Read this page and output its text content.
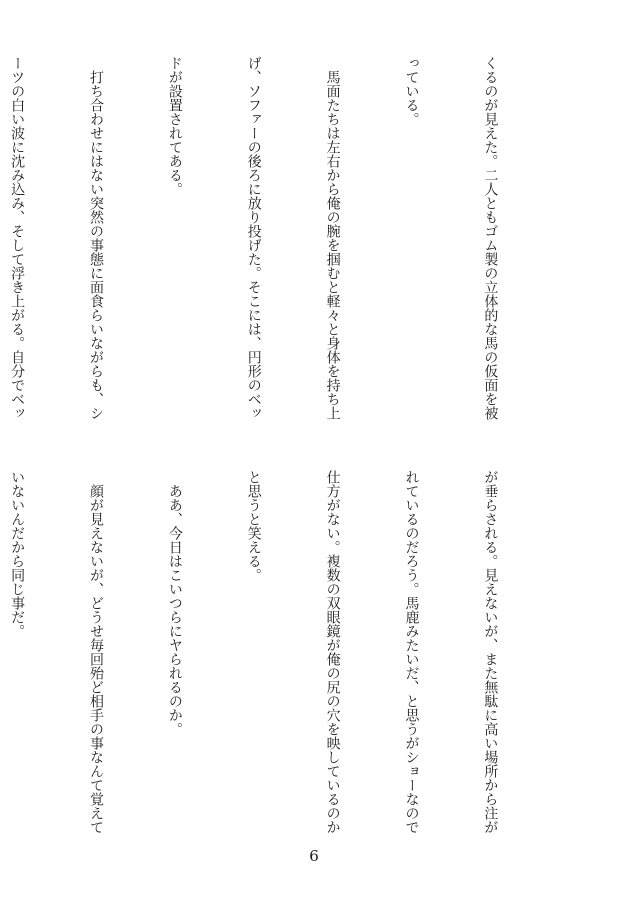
くるのが見えた。二人ともゴム製の立体的な馬の仮面を被

っている。

　馬面たちは左右から俺の腕を掴むと軽々と身体を持ち上

げ、ソファーの後ろに放り投げた。そこには、円形のベッ

ドが設置されてある。

　打ち合わせにはない突然の事態に面食らいながらも、シ

ーツの白い波に沈み込み、そして浮き上がる。自分でベッ

が垂らされる。見えないが、また無駄に高い場所から注が

れているのだろう。馬鹿みたいだ、と思うがショーなので

仕方がない。複数の双眼鏡が俺の尻の穴を映しているのか

と思うと笑える。

　ああ、今日はこいつらにヤられるのか。

　顔が見えないが、どうせ毎回殆ど相手の事なんて覚えて

いないんだから同じ事だ。

6
